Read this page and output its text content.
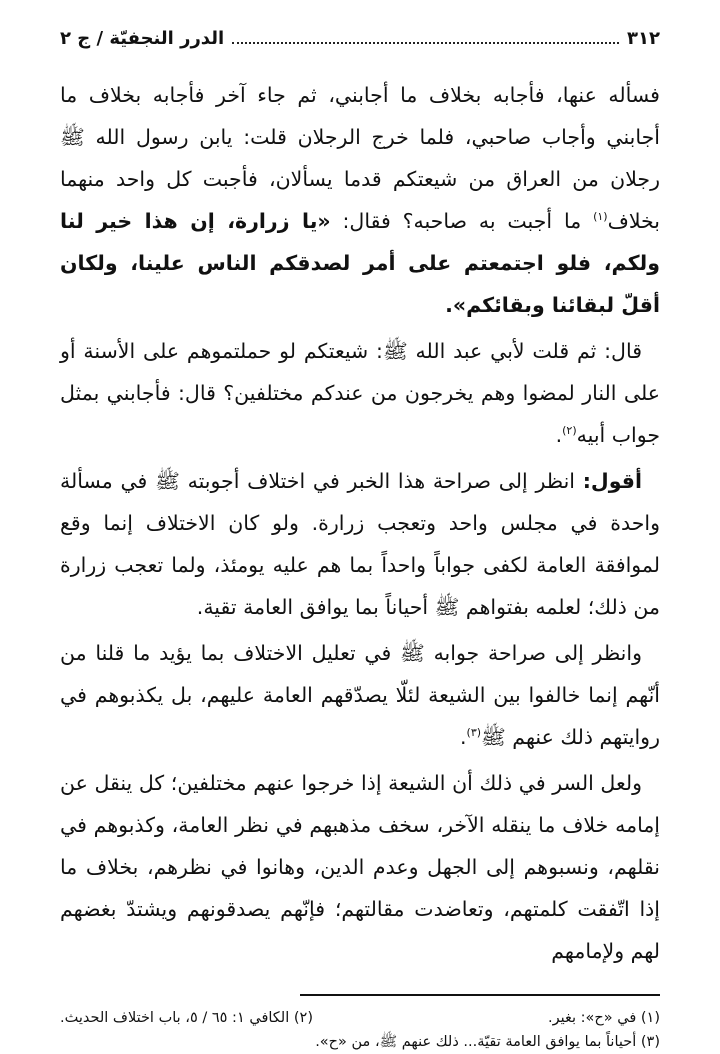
٣١٢
الدرر النجفيّة / ج ٢

فسأله عنها، فأجابه بخلاف ما أجابني، ثم جاء آخر فأجابه بخلاف ما أجابني وأجاب صاحبي، فلما خرج الرجلان قلت: يابن رسول الله ﷺ رجلان من العراق من شيعتكم قدما يسألان، فأجبت كل واحد منهما بخلاف$^{(١)}$ ما أجبت به صاحبه؟ فقال: «يا زرارة، إن هذا خير لنا ولكم، فلو اجتمعتم على أمر لصدقكم الناس علينا، ولكان أقلّ لبقائنا وبقائكم».

قال: ثم قلت لأبي عبد الله ﷺ: شيعتكم لو حملتموهم على الأسنة أو على النار لمضوا وهم يخرجون من عندكم مختلفين؟ قال: فأجابني بمثل جواب أبيه$^{(٢)}$.

أقول: انظر إلى صراحة هذا الخبر في اختلاف أجوبته ﷺ في مسألة واحدة في مجلس واحد وتعجب زرارة. ولو كان الاختلاف إنما وقع لموافقة العامة لكفى جواباً واحداً بما هم عليه يومئذ، ولما تعجب زرارة من ذلك؛ لعلمه بفتواهم ﷺ أحياناً بما يوافق العامة تقية.

وانظر إلى صراحة جوابه ﷺ في تعليل الاختلاف بما يؤيد ما قلنا من أنّهم إنما خالفوا بين الشيعة لئلّا يصدّقهم العامة عليهم، بل يكذبوهم في روايتهم ذلك عنهم ﷺ$^{(٣)}$.

ولعل السر في ذلك أن الشيعة إذا خرجوا عنهم مختلفين؛ كل ينقل عن إمامه خلاف ما ينقله الآخر، سخف مذهبهم في نظر العامة، وكذبوهم في نقلهم، ونسبوهم إلى الجهل وعدم الدين، وهانوا في نظرهم، بخلاف ما إذا اتّفقت كلمتهم، وتعاضدت مقالتهم؛ فإنّهم يصدقونهم ويشتدّ بغضهم لهم ولإمامهم

(١) في «ح»: بغير.
(٢) الكافي ١: ٦٥ / ٥، باب اختلاف الحديث.
(٣) أحياناً بما يوافق العامة تقيّة... ذلك عنهم ﷺ، من «ح».
